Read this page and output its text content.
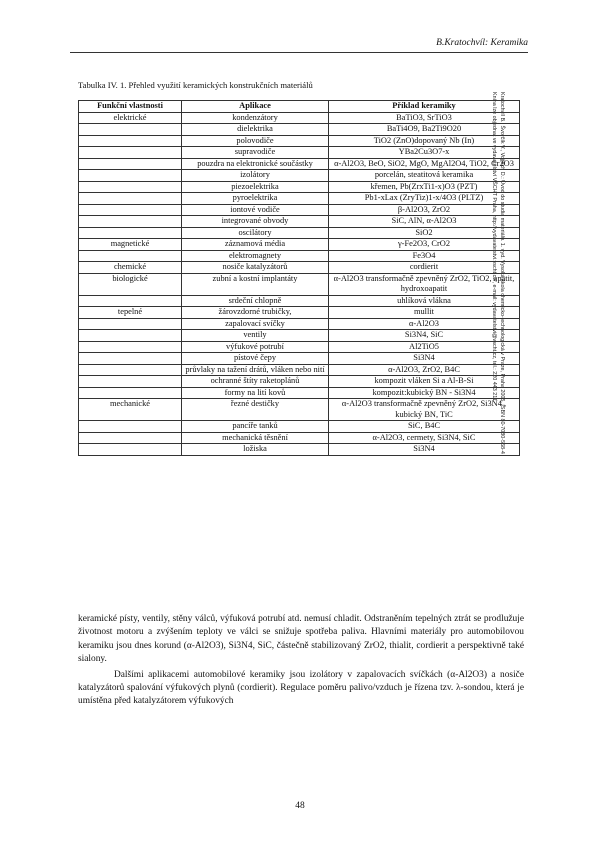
B.Kratochvíl: Keramika
Tabulka IV. 1. Přehled využití keramických konstrukčních materiálů
Kratochvíl B., Švorčík V., Vojtěch D.: Úvod do studia materiálů. 1. vyd. Vysoká škola chemicko-technologická v Praze, Praha 2005, ISBN 80-7080-568-4
Kniha lze objednat ve vydavatelství VŠCHT Praha, http://vydavatelstvi.vscht.cz/, e-mail: vydavatelstvi@vscht.cz, tel.: 220 443 211
Funkční vlastnosti	Aplikace	Příklad keramiky
elektrické	kondenzátory	BaTiO3, SrTiO3
	dielektrika	BaTi4O9, Ba2Ti9O20
	polovodiče	TiO2 (ZnO)dopovaný Nb (In)
	supravodiče	YBa2Cu3O7-x
	pouzdra na elektronické součástky	α-Al2O3, BeO, SiO2, MgO, MgAl2O4, TiO2, Cr2O3
	izolátory	porcelán, steatitová keramika
	piezoelektrika	křemen, Pb(ZrxTi1-x)O3 (PZT)
	pyroelektrika	Pb1-xLax (ZryTiz)1-x/4O3 (PLTZ)
	iontové vodiče	β-Al2O3, ZrO2
	integrované obvody	SiC, AlN, α-Al2O3
	oscilátory	SiO2
magnetické	záznamová média	γ-Fe2O3, CrO2
	elektromagnety	Fe3O4
chemické	nosiče katalyzátorů	cordierit
biologické	zubní a kostní implantáty	α-Al2O3 transformačně zpevněný ZrO2, TiO2, apatit, hydroxoapatit
	srdeční chlopně	uhlíková vlákna
tepelné	žárovzdorné trubičky,	mullit
	zapalovací svíčky	α-Al2O3
	ventily	Si3N4, SiC
	výfukové potrubí	Al2TiO5
	pístové čepy	Si3N4
	průvlaky na tažení drátů, vláken nebo nití	α-Al2O3, ZrO2, B4C
	ochranné štíty raketoplánů	kompozit vláken Si a Al-B-Si
	formy na lití kovů	kompozit:kubický BN - Si3N4
mechanické	řezné destičky	α-Al2O3 transformačně zpevněný ZrO2, Si3N4 , kubický BN, TiC
	pancíře tanků	SiC, B4C
	mechanická těsnění	α-Al2O3, cermety, Si3N4, SiC
	ložiska	Si3N4

keramické písty, ventily, stěny válců, výfuková potrubí atd. nemusí chladit. Odstraněním tepelných ztrát se prodlužuje životnost motoru a zvýšením teploty ve válci se snižuje spotřeba paliva. Hlavními materiály pro automobilovou keramiku jsou dnes korund (α-Al2O3), Si3N4, SiC, částečně stabilizovaný ZrO2, thialit, cordierit a perspektivně také sialony.

Dalšími aplikacemi automobilové keramiky jsou izolátory v zapalovacích svíčkách (α-Al2O3) a nosiče katalyzátorů spalování výfukových plynů (cordierit). Regulace poměru palivo/vzduch je řízena tzv. λ-sondou, která je umístěna před katalyzátorem výfukových

48
